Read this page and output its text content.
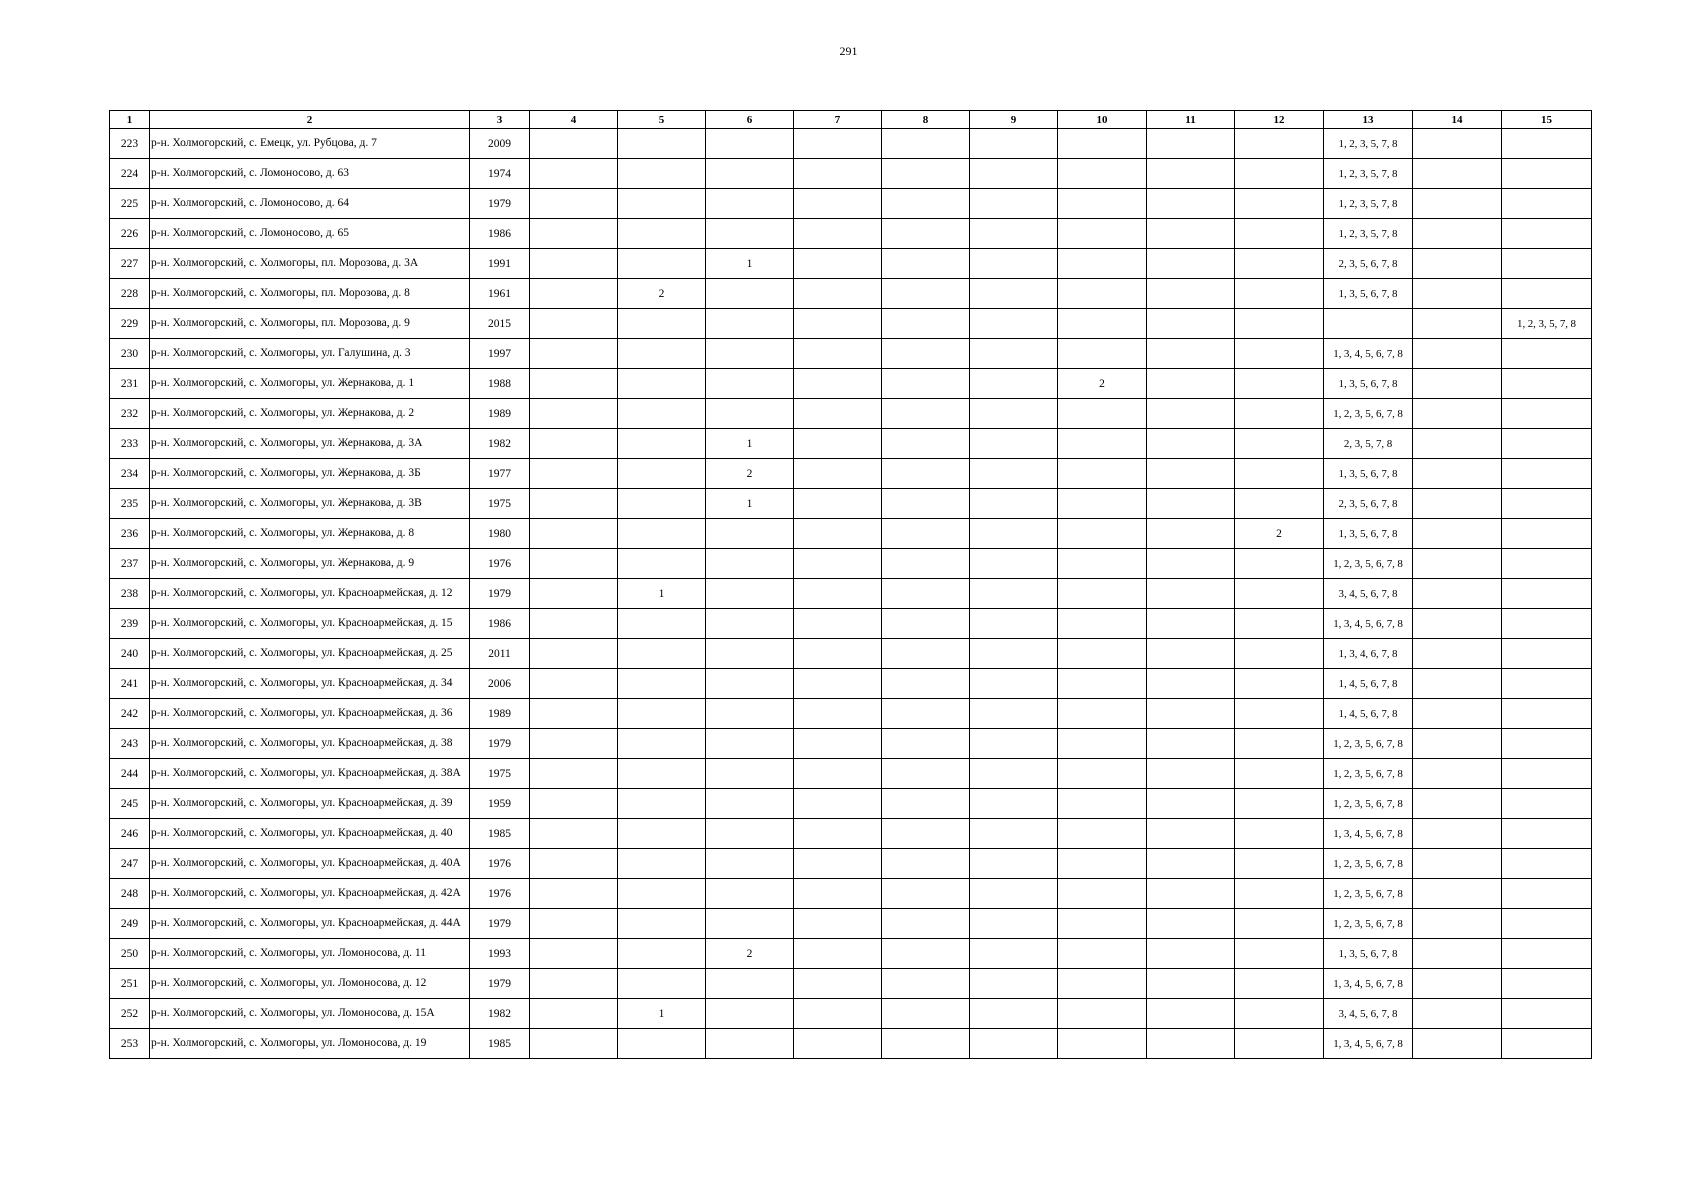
291
1	2	3	4	5	6	7	8	9	10	11	12	13	14	15
223	р-н. Холмогорский, с. Емецк, ул. Рубцова, д. 7	2009										1, 2, 3, 5, 7, 8		
224	р-н. Холмогорский, с. Ломоносово, д. 63	1974										1, 2, 3, 5, 7, 8		
225	р-н. Холмогорский, с. Ломоносово, д. 64	1979										1, 2, 3, 5, 7, 8		
226	р-н. Холмогорский, с. Ломоносово, д. 65	1986										1, 2, 3, 5, 7, 8		
227	р-н. Холмогорский, с. Холмогоры, пл. Морозова, д. 3А	1991			1							2, 3, 5, 6, 7, 8		
228	р-н. Холмогорский, с. Холмогоры, пл. Морозова, д. 8	1961		2								1, 3, 5, 6, 7, 8		
229	р-н. Холмогорский, с. Холмогоры, пл. Морозова, д. 9	2015												1, 2, 3, 5, 7, 8
230	р-н. Холмогорский, с. Холмогоры, ул. Галушина, д. 3	1997										1, 3, 4, 5, 6, 7, 8		
231	р-н. Холмогорский, с. Холмогоры, ул. Жернакова, д. 1	1988							2			1, 3, 5, 6, 7, 8		
232	р-н. Холмогорский, с. Холмогоры, ул. Жернакова, д. 2	1989										1, 2, 3, 5, 6, 7, 8		
233	р-н. Холмогорский, с. Холмогоры, ул. Жернакова, д. 3А	1982			1							2, 3, 5, 7, 8		
234	р-н. Холмогорский, с. Холмогоры, ул. Жернакова, д. 3Б	1977			2							1, 3, 5, 6, 7, 8		
235	р-н. Холмогорский, с. Холмогоры, ул. Жернакова, д. 3В	1975			1							2, 3, 5, 6, 7, 8		
236	р-н. Холмогорский, с. Холмогоры, ул. Жернакова, д. 8	1980									2	1, 3, 5, 6, 7, 8		
237	р-н. Холмогорский, с. Холмогоры, ул. Жернакова, д. 9	1976										1, 2, 3, 5, 6, 7, 8		
238	р-н. Холмогорский, с. Холмогоры, ул. Красноармейская, д. 12	1979		1								3, 4, 5, 6, 7, 8		
239	р-н. Холмогорский, с. Холмогоры, ул. Красноармейская, д. 15	1986										1, 3, 4, 5, 6, 7, 8		
240	р-н. Холмогорский, с. Холмогоры, ул. Красноармейская, д. 25	2011										1, 3, 4, 6, 7, 8		
241	р-н. Холмогорский, с. Холмогоры, ул. Красноармейская, д. 34	2006										1, 4, 5, 6, 7, 8		
242	р-н. Холмогорский, с. Холмогоры, ул. Красноармейская, д. 36	1989										1, 4, 5, 6, 7, 8		
243	р-н. Холмогорский, с. Холмогоры, ул. Красноармейская, д. 38	1979										1, 2, 3, 5, 6, 7, 8		
244	р-н. Холмогорский, с. Холмогоры, ул. Красноармейская, д. 38А	1975										1, 2, 3, 5, 6, 7, 8		
245	р-н. Холмогорский, с. Холмогоры, ул. Красноармейская, д. 39	1959										1, 2, 3, 5, 6, 7, 8		
246	р-н. Холмогорский, с. Холмогоры, ул. Красноармейская, д. 40	1985										1, 3, 4, 5, 6, 7, 8		
247	р-н. Холмогорский, с. Холмогоры, ул. Красноармейская, д. 40А	1976										1, 2, 3, 5, 6, 7, 8		
248	р-н. Холмогорский, с. Холмогоры, ул. Красноармейская, д. 42А	1976										1, 2, 3, 5, 6, 7, 8		
249	р-н. Холмогорский, с. Холмогоры, ул. Красноармейская, д. 44А	1979										1, 2, 3, 5, 6, 7, 8		
250	р-н. Холмогорский, с. Холмогоры, ул. Ломоносова, д. 11	1993			2							1, 3, 5, 6, 7, 8		
251	р-н. Холмогорский, с. Холмогоры, ул. Ломоносова, д. 12	1979										1, 3, 4, 5, 6, 7, 8		
252	р-н. Холмогорский, с. Холмогоры, ул. Ломоносова, д. 15А	1982		1								3, 4, 5, 6, 7, 8		
253	р-н. Холмогорский, с. Холмогоры, ул. Ломоносова, д. 19	1985										1, 3, 4, 5, 6, 7, 8		
